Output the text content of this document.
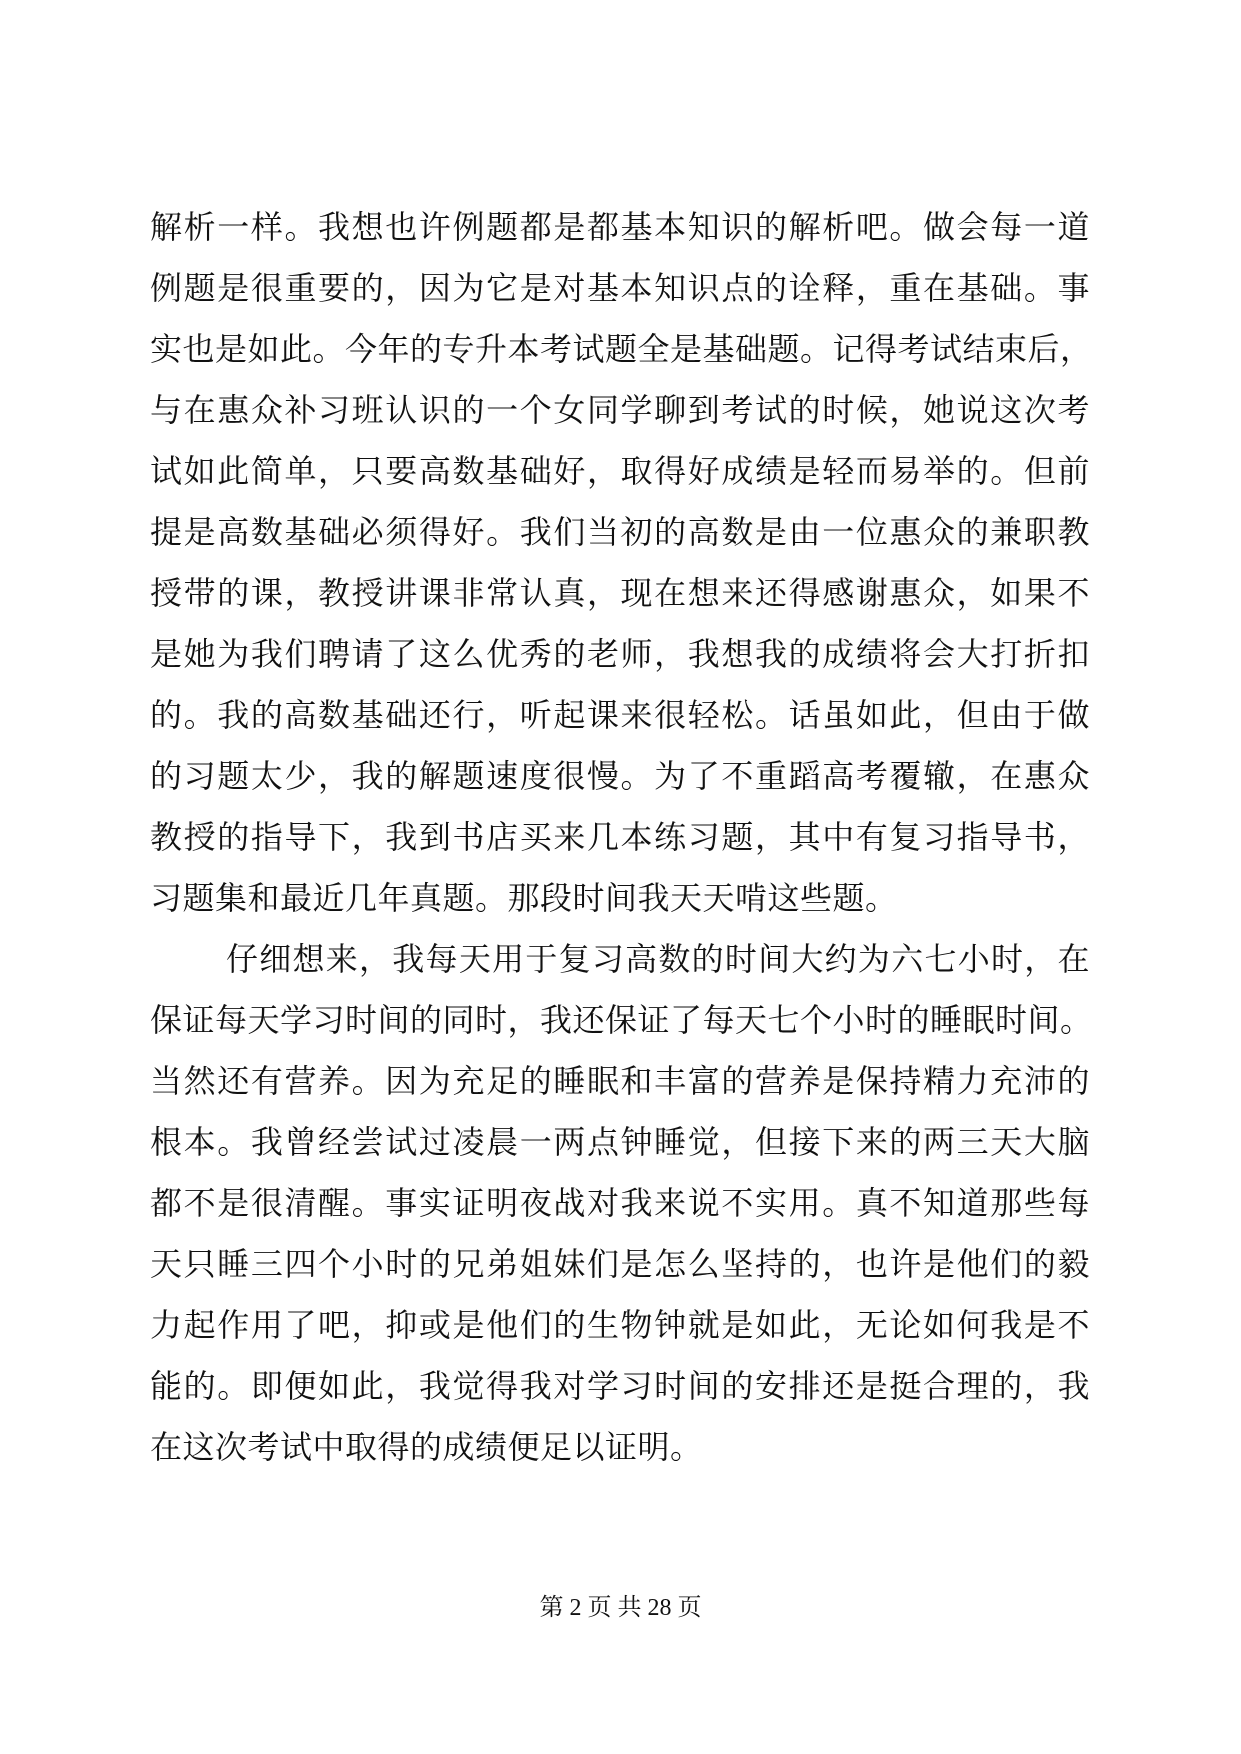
解析一样。我想也许例题都是都基本知识的解析吧。做会每一道
例题是很重要的，因为它是对基本知识点的诠释，重在基础。事
实也是如此。今年的专升本考试题全是基础题。记得考试结束后，
与在惠众补习班认识的一个女同学聊到考试的时候，她说这次考
试如此简单，只要高数基础好，取得好成绩是轻而易举的。但前
提是高数基础必须得好。我们当初的高数是由一位惠众的兼职教
授带的课，教授讲课非常认真，现在想来还得感谢惠众，如果不
是她为我们聘请了这么优秀的老师，我想我的成绩将会大打折扣
的。我的高数基础还行，听起课来很轻松。话虽如此，但由于做
的习题太少，我的解题速度很慢。为了不重蹈高考覆辙，在惠众
教授的指导下，我到书店买来几本练习题，其中有复习指导书，
习题集和最近几年真题。那段时间我天天啃这些题。
仔细想来，我每天用于复习高数的时间大约为六七小时，在
保证每天学习时间的同时，我还保证了每天七个小时的睡眠时间。
当然还有营养。因为充足的睡眠和丰富的营养是保持精力充沛的
根本。我曾经尝试过凌晨一两点钟睡觉，但接下来的两三天大脑
都不是很清醒。事实证明夜战对我来说不实用。真不知道那些每
天只睡三四个小时的兄弟姐妹们是怎么坚持的，也许是他们的毅
力起作用了吧，抑或是他们的生物钟就是如此，无论如何我是不
能的。即便如此，我觉得我对学习时间的安排还是挺合理的，我
在这次考试中取得的成绩便足以证明。
第 2 页 共 28 页
